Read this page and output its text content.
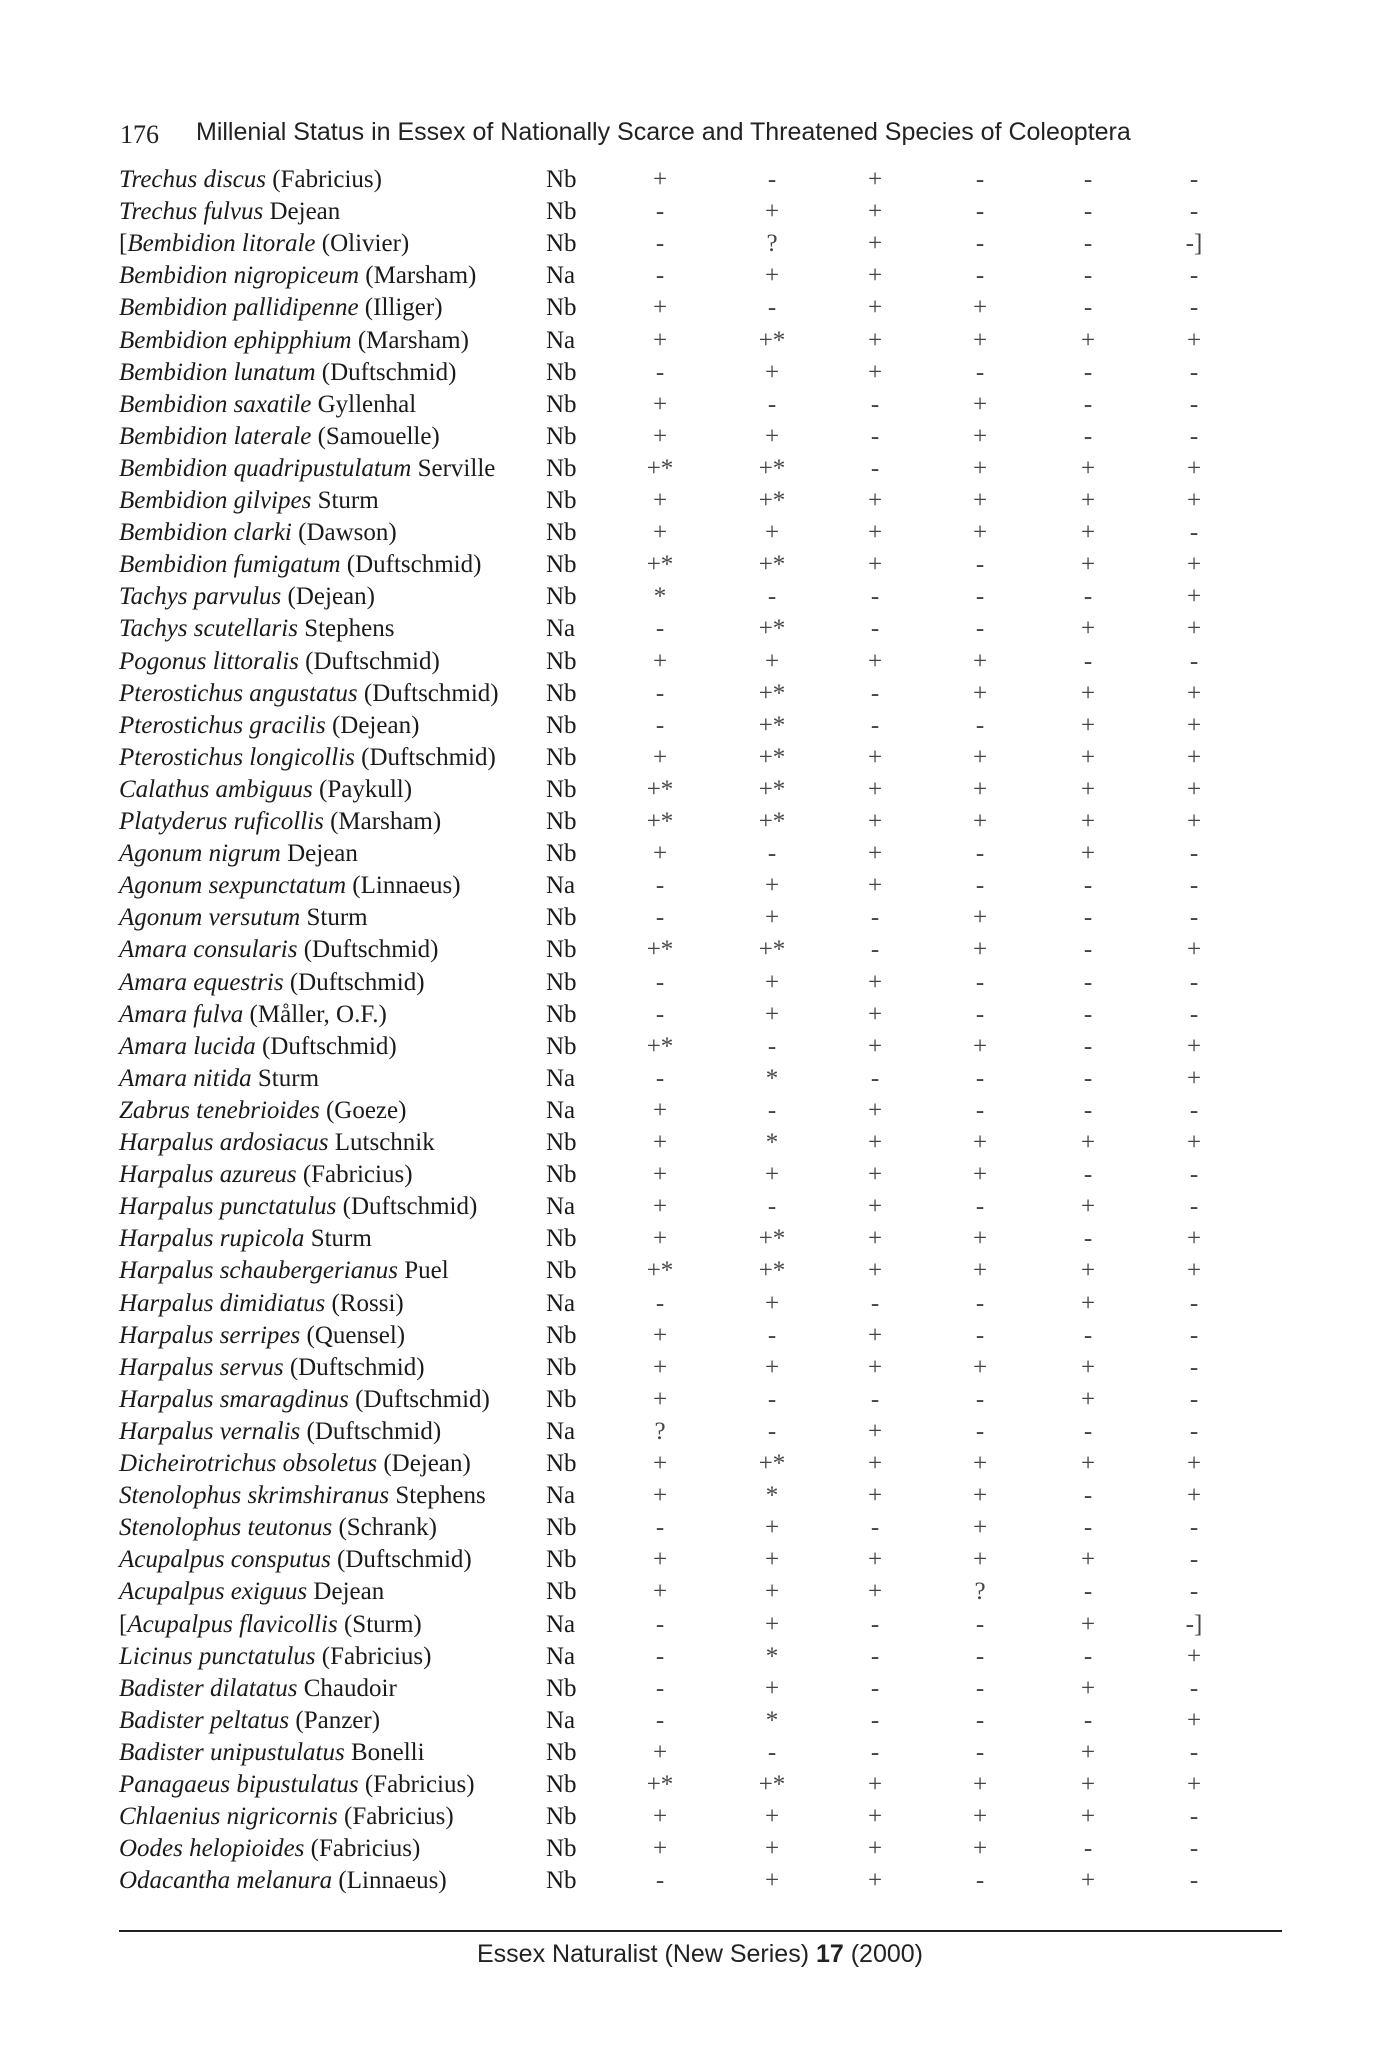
176 Millenial Status in Essex of Nationally Scarce and Threatened Species of Coleoptera
Trechus discus (Fabricius)	Nb	+	-	+	-	-	-
Trechus fulvus Dejean	Nb	-	+	+	-	-	-
[Bembidion litorale (Olivier)	Nb	-	?	+	-	-	-]
Bembidion nigropiceum (Marsham)	Na	-	+	+	-	-	-
Bembidion pallidipenne (Illiger)	Nb	+	-	+	+	-	-
Bembidion ephipphium (Marsham)	Na	+	+*	+	+	+	+
Bembidion lunatum (Duftschmid)	Nb	-	+	+	-	-	-
Bembidion saxatile Gyllenhal	Nb	+	-	-	+	-	-
Bembidion laterale (Samouelle)	Nb	+	+	-	+	-	-
Bembidion quadripustulatum Serville Nb	+*	+*	-	+	+	+
Bembidion gilvipes Sturm	Nb	+	+*	+	+	+	+
Bembidion clarki (Dawson)	Nb	+	+	+	+	+	-
Bembidion fumigatum (Duftschmid)	Nb	+*	+*	+	-	+	+
Tachys parvulus (Dejean)	Nb	*	-	-	-	-	+
Tachys scutellaris Stephens	Na	-	+*	-	-	+	+
Pogonus littoralis (Duftschmid)	Nb	+	+	+	+	-	-
Pterostichus angustatus (Duftschmid) Nb	-	+*	-	+	+	+
Pterostichus gracilis (Dejean)	Nb	-	+*	-	-	+	+
Pterostichus longicollis (Duftschmid) Nb	+	+*	+	+	+	+
Calathus ambiguus (Paykull)	Nb	+*	+*	+	+	+	+
Platyderus ruficollis (Marsham)	Nb	+*	+*	+	+	+	+
Agonum nigrum Dejean	Nb	+	-	+	-	+	-
Agonum sexpunctatum (Linnaeus)	Na	-	+	+	-	-	-
Agonum versutum Sturm	Nb	-	+	-	+	-	-
Amara consularis (Duftschmid)	Nb	+*	+*	-	+	-	+
Amara equestris (Duftschmid)	Nb	-	+	+	-	-	-
Amara fulva (Måller, O.F.)	Nb	-	+	+	-	-	-
Amara lucida (Duftschmid)	Nb	+*	-	+	+	-	+
Amara nitida Sturm	Na	-	*	-	-	-	+
Zabrus tenebrioides (Goeze)	Na	+	-	+	-	-	-
Harpalus ardosiacus Lutschnik	Nb	+	*	+	+	+	+
Harpalus azureus (Fabricius)	Nb	+	+	+	+	-	-
Harpalus punctatulus (Duftschmid)	Na	+	-	+	-	+	-
Harpalus rupicola Sturm	Nb	+	+*	+	+	-	+
Harpalus schaubergerianus Puel	Nb	+*	+*	+	+	+	+
Harpalus dimidiatus (Rossi)	Na	-	+	-	-	+	-
Harpalus serripes (Quensel)	Nb	+	-	+	-	-	-
Harpalus servus (Duftschmid)	Nb	+	+	+	+	+	-
Harpalus smaragdinus (Duftschmid) Nb	+	-	-	-	+	-
Harpalus vernalis (Duftschmid)	Na	?	-	+	-	-	-
Dicheirotrichus obsoletus (Dejean)	Nb	+	+*	+	+	+	+
Stenolophus skrimshiranus Stephens Na	+	*	+	+	-	+
Stenolophus teutonus (Schrank)	Nb	-	+	-	+	-	-
Acupalpus consputus (Duftschmid)	Nb	+	+	+	+	+	-
Acupalpus exiguus Dejean	Nb	+	+	+	?	-	-
[Acupalpus flavicollis (Sturm)	Na	-	+	-	-	+	-]
Licinus punctatulus (Fabricius)	Na	-	*	-	-	-	+
Badister dilatatus Chaudoir	Nb	-	+	-	-	+	-
Badister peltatus (Panzer)	Na	-	*	-	-	-	+
Badister unipustulatus Bonelli	Nb	+	-	-	-	+	-
Panagaeus bipustulatus (Fabricius)	Nb	+*	+*	+	+	+	+
Chlaenius nigricornis (Fabricius)	Nb	+	+	+	+	+	-
Oodes helopioides (Fabricius)	Nb	+	+	+	+	-	-
Odacantha melanura (Linnaeus)	Nb	-	+	+	-	+	-
Essex Naturalist (New Series) 17 (2000)
